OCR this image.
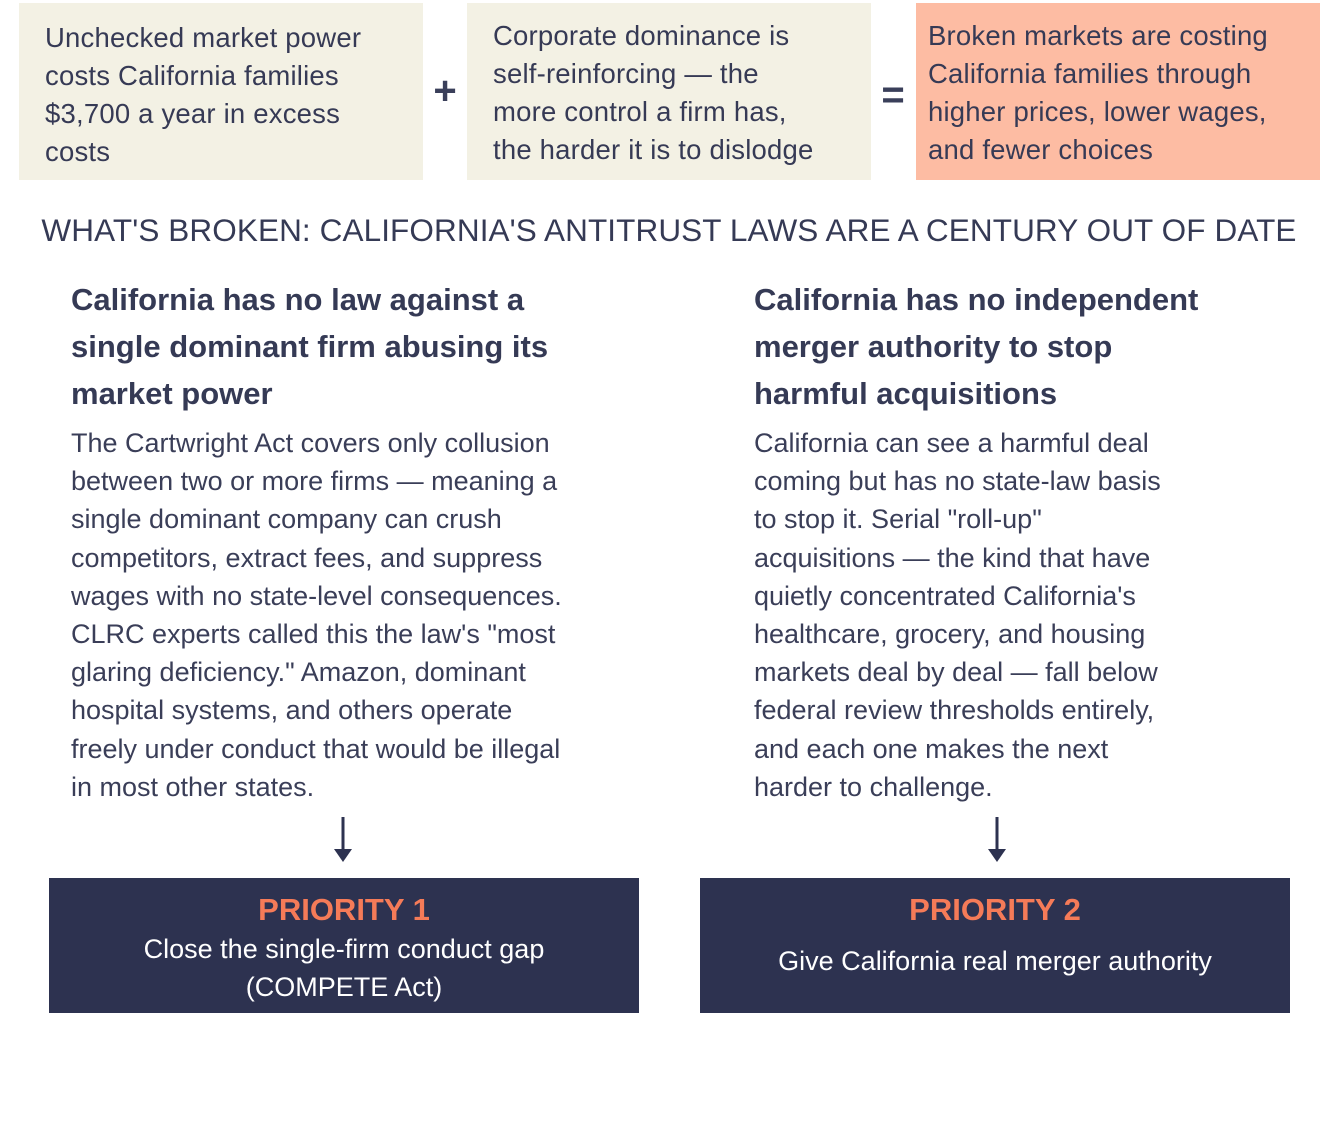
Unchecked market power
costs California families
$3,700 a year in excess
costs
+
Corporate dominance is
self-reinforcing — the
more control a firm has,
the harder it is to dislodge
=
Broken markets are costing
California families through
higher prices, lower wages,
and fewer choices
WHAT'S BROKEN: CALIFORNIA'S ANTITRUST LAWS ARE A CENTURY OUT OF DATE
California has no law against a
single dominant firm abusing its
market power
The Cartwright Act covers only collusion
between two or more firms — meaning a
single dominant company can crush
competitors, extract fees, and suppress
wages with no state-level consequences.
CLRC experts called this the law's "most
glaring deficiency." Amazon, dominant
hospital systems, and others operate
freely under conduct that would be illegal
in most other states.
California has no independent
merger authority to stop
harmful acquisitions
California can see a harmful deal
coming but has no state-law basis
to stop it. Serial "roll-up"
acquisitions — the kind that have
quietly concentrated California's
healthcare, grocery, and housing
markets deal by deal — fall below
federal review thresholds entirely,
and each one makes the next
harder to challenge.
PRIORITY 1
Close the single-firm conduct gap
(COMPETE Act)
PRIORITY 2
Give California real merger authority
